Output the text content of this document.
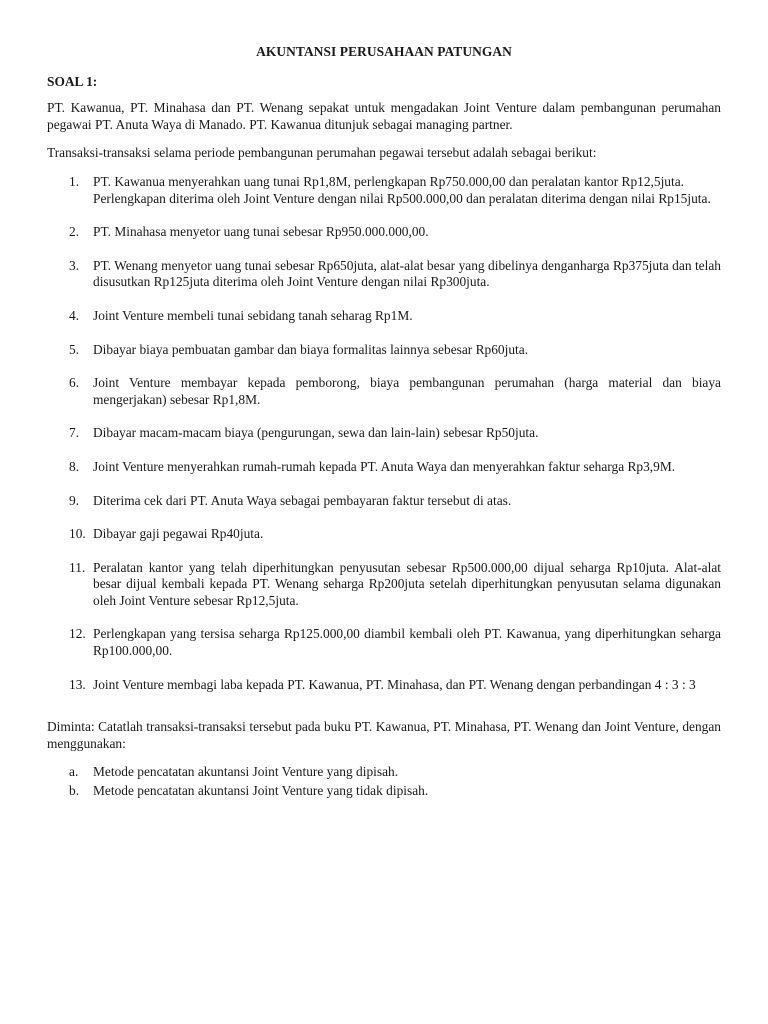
AKUNTANSI PERUSAHAAN PATUNGAN
SOAL 1:

PT. Kawanua, PT. Minahasa dan PT. Wenang sepakat untuk mengadakan Joint Venture dalam pembangunan perumahan pegawai PT. Anuta Waya di Manado. PT. Kawanua ditunjuk sebagai managing partner.

Transaksi-transaksi selama periode pembangunan perumahan pegawai tersebut adalah sebagai berikut:

1. PT. Kawanua menyerahkan uang tunai Rp1,8M, perlengkapan Rp750.000,00 dan peralatan kantor Rp12,5juta.
Perlengkapan diterima oleh Joint Venture dengan nilai Rp500.000,00 dan peralatan diterima dengan nilai Rp15juta.
2. PT. Minahasa menyetor uang tunai sebesar Rp950.000.000,00.
3. PT. Wenang menyetor uang tunai sebesar Rp650juta, alat-alat besar yang dibelinya denganharga Rp375juta dan telah disusutkan Rp125juta diterima oleh Joint Venture dengan nilai Rp300juta.
4. Joint Venture membeli tunai sebidang tanah seharag Rp1M.
5. Dibayar biaya pembuatan gambar dan biaya formalitas lainnya sebesar Rp60juta.
6. Joint Venture membayar kepada pemborong, biaya pembangunan perumahan (harga material dan biaya mengerjakan) sebesar Rp1,8M.
7. Dibayar macam-macam biaya (pengurungan, sewa dan lain-lain) sebesar Rp50juta.
8. Joint Venture menyerahkan rumah-rumah kepada PT. Anuta Waya dan menyerahkan faktur seharga Rp3,9M.
9. Diterima cek dari PT. Anuta Waya sebagai pembayaran faktur tersebut di atas.
10. Dibayar gaji pegawai Rp40juta.
11. Peralatan kantor yang telah diperhitungkan penyusutan sebesar Rp500.000,00 dijual seharga Rp10juta. Alat-alat besar dijual kembali kepada PT. Wenang seharga Rp200juta setelah diperhitungkan penyusutan selama digunakan oleh Joint Venture sebesar Rp12,5juta.
12. Perlengkapan yang tersisa seharga Rp125.000,00 diambil kembali oleh PT. Kawanua, yang diperhitungkan seharga Rp100.000,00.
13. Joint Venture membagi laba kepada PT. Kawanua, PT. Minahasa, dan PT. Wenang dengan perbandingan 4 : 3 : 3

Diminta: Catatlah transaksi-transaksi tersebut pada buku PT. Kawanua, PT. Minahasa, PT. Wenang dan Joint Venture, dengan menggunakan:

a. Metode pencatatan akuntansi Joint Venture yang dipisah.
b. Metode pencatatan akuntansi Joint Venture yang tidak dipisah.
